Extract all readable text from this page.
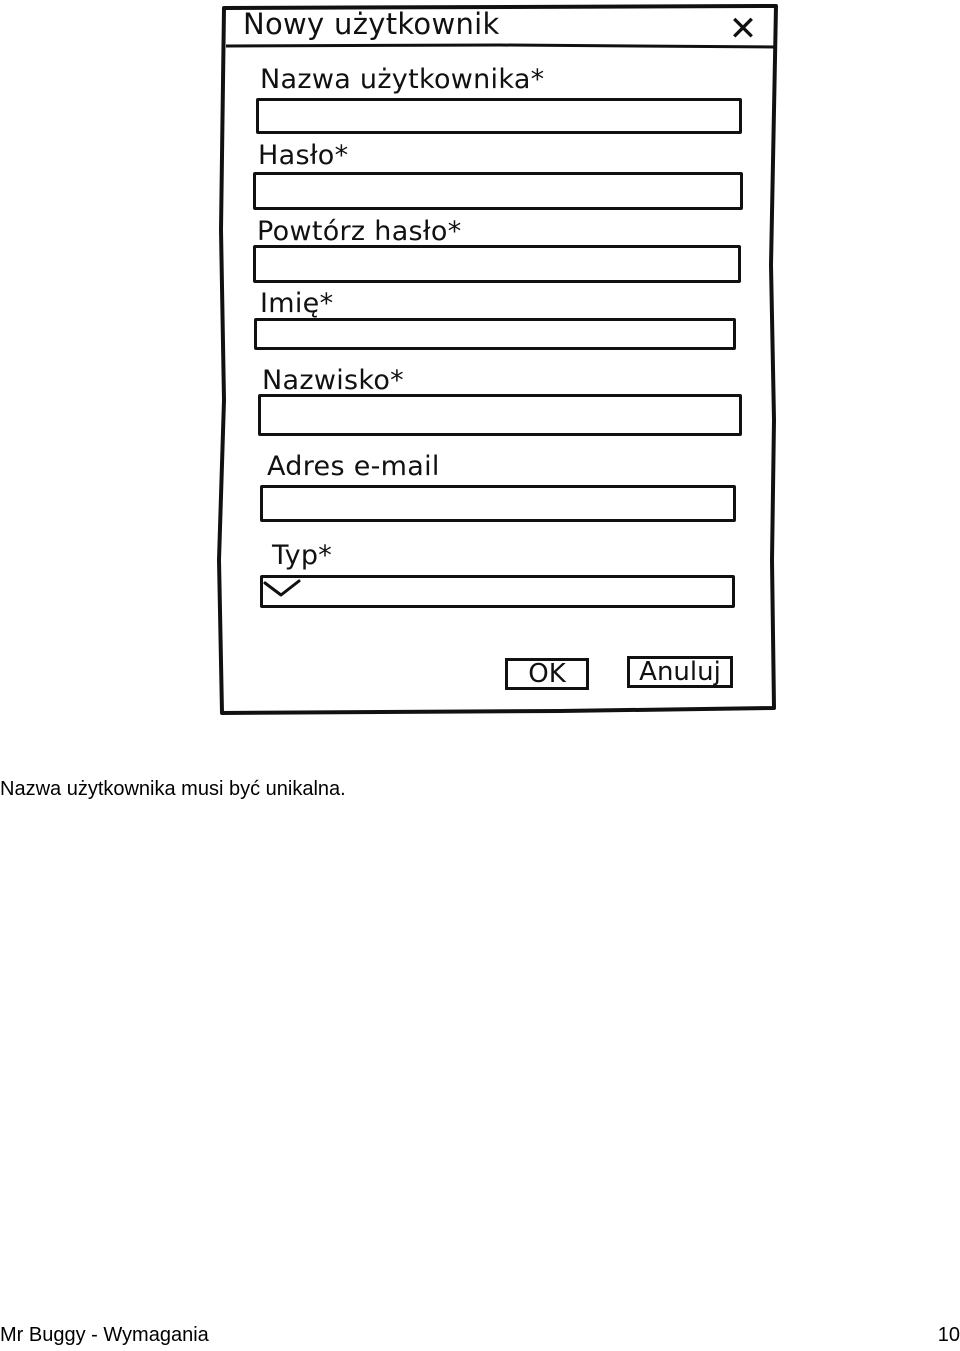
Nowy użytkownik	✕
Nazwa użytkownika*
Hasło*
Powtórz hasło*
Imię*
Nazwisko*
Adres e-mail
Typ*
OK	Anuluj
Nazwa użytkownika musi być unikalna.
Mr Buggy - Wymagania	10
